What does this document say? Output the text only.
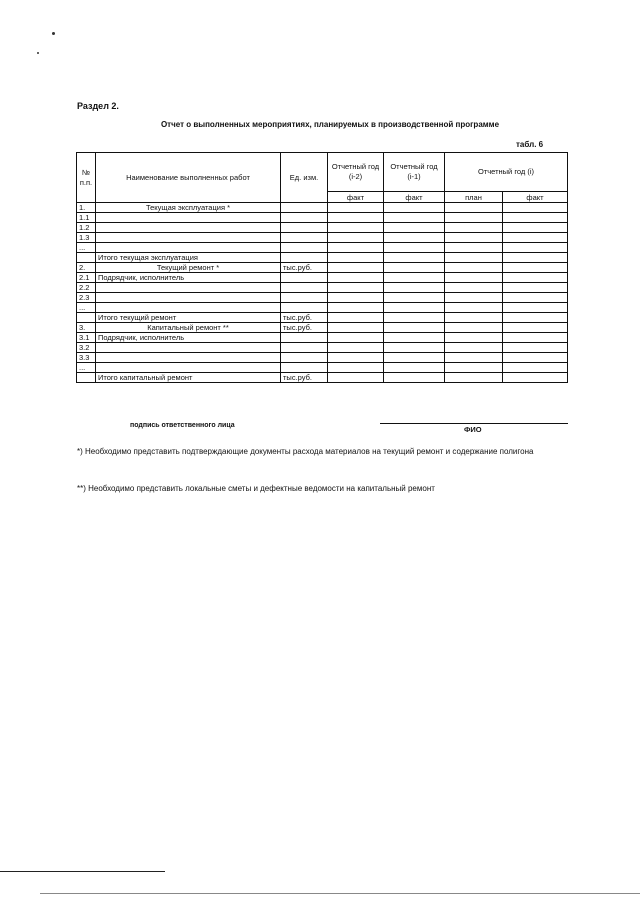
Раздел 2.
Отчет о выполненных мероприятиях, планируемых в производственной программе
табл. 6
№ п.п.	Наименование выполненных работ	Ед. изм.	Отчетный год (i-2)	Отчетный год (i-1)	Отчетный год (i)	
			факт	факт	план	факт
1.	Текущая эксплуатация *					
1.1						
1.2						
1.3						
...						
	Итого текущая эксплуатация					
2.	Текущий ремонт *	тыс.руб.				
2.1	Подрядчик, исполнитель					
2.2						
2.3						
...						
	Итого текущий ремонт	тыс.руб.				
3.	Капитальный ремонт **	тыс.руб.				
3.1	Подрядчик, исполнитель					
3.2						
3.3						
...						
	Итого капитальный ремонт	тыс.руб.				
подпись ответственного лица	ФИО
*) Необходимо представить подтверждающие документы расхода материалов на текущий ремонт и содержание полигона
**) Необходимо представить локальные сметы и дефектные ведомости на капитальный ремонт
